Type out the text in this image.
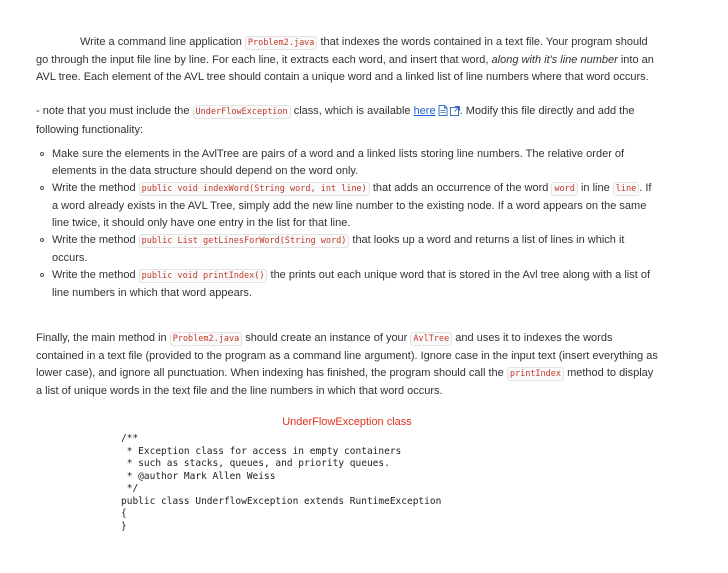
Write a command line application Problem2.java that indexes the words contained in a text file. Your program should go through the input file line by line. For each line, it extracts each word, and insert that word, along with it's line number into an AVL tree. Each element of the AVL tree should contain a unique word and a linked list of line numbers where that word occurs.

- note that you must include the UnderFlowException class, which is available here . Modify this file directly and add the following functionality:

Make sure the elements in the AvlTree are pairs of a word and a linked lists storing line numbers. The relative order of elements in the data structure should depend on the word only.
Write the method public void indexWord(String word, int line) that adds an occurrence of the word word in line line . If a word already exists in the AVL Tree, simply add the new line number to the existing node. If a word appears on the same line twice, it should only have one entry in the list for that line.
Write the method public List getLinesForWord(String word) that looks up a word and returns a list of lines in which it occurs.
Write the method public void printIndex() the prints out each unique word that is stored in the Avl tree along with a list of line numbers in which that word appears.

Finally, the main method in Problem2.java should create an instance of your AvlTree and uses it to indexes the words contained in a text file (provided to the program as a command line argument). Ignore case in the input text (insert everything as lower case), and ignore all punctuation. When indexing has finished, the program should call the printIndex method to display a list of unique words in the text file and the line numbers in which that word occurs.

UnderFlowException class
/**
* Exception class for access in empty containers
* such as stacks, queues, and priority queues.
* @author Mark Allen Weiss
*/
public class UnderflowException extends RuntimeException
{
}
